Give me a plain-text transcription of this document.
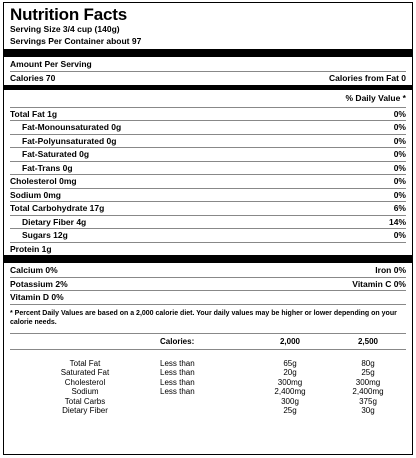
Nutrition Facts
Serving Size 3/4 cup (140g)
Servings Per Container about 97
Amount Per Serving
Calories 70	Calories from Fat 0
% Daily Value *
Total Fat 1g	0%
Fat-Monounsaturated 0g	0%
Fat-Polyunsaturated 0g	0%
Fat-Saturated 0g	0%
Fat-Trans 0g	0%
Cholesterol 0mg	0%
Sodium 0mg	0%
Total Carbohydrate 17g	6%
Dietary Fiber 4g	14%
Sugars 12g	0%
Protein 1g
Calcium 0%	Iron 0%
Potassium 2%	Vitamin C 0%
Vitamin D 0%
* Percent Daily Values are based on a 2,000 calorie diet. Your daily values may be higher or lower depending on your calorie needs.
	Calories:	2,000	2,500

Total Fat	Less than	65g	80g
Saturated Fat	Less than	20g	25g
Cholesterol	Less than	300mg	300mg
Sodium	Less than	2,400mg	2,400mg
Total Carbs		300g	375g
Dietary Fiber		25g	30g
